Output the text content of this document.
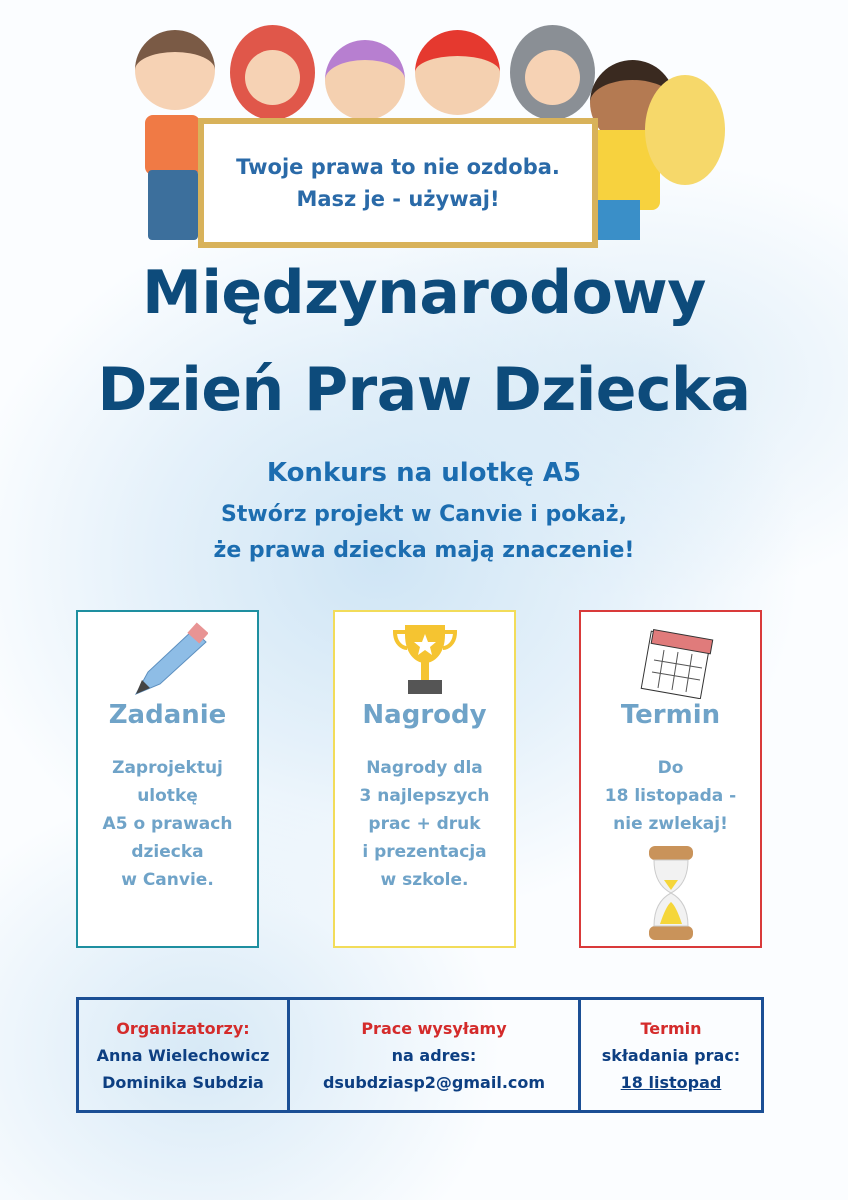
Twoje prawa to nie ozdoba.
Masz je - używaj!
Międzynarodowy
Dzień Praw Dziecka
Konkurs na ulotkę A5
Stwórz projekt w Canvie i pokaż,
że prawa dziecka mają znaczenie!
Zadanie

Zaprojektuj
ulotkę
A5 o prawach
dziecka
w Canvie.

Nagrody

Nagrody dla
3 najlepszych
prac + druk
i prezentacja
w szkole.

Termin

Do
18 listopada -
nie zwlekaj!

Organizatorzy:
Anna Wielechowicz
Dominika Subdzia
Prace wysyłamy
na adres:
dsubdziasp2@gmail.com
Termin
składania prac:
18 listopad
